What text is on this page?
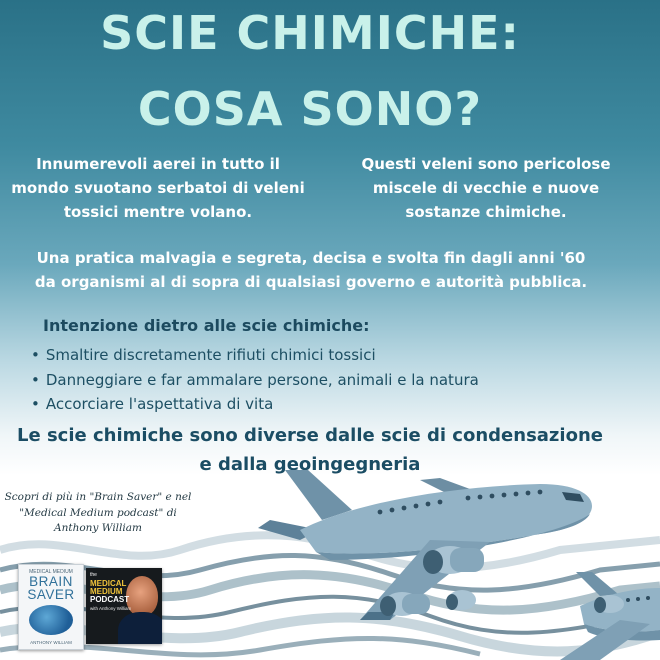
SCIE CHIMICHE:
COSA SONO?
Innumerevoli aerei in tutto il mondo svuotano serbatoi di veleni tossici mentre volano.
Questi veleni sono pericolose miscele di vecchie e nuove sostanze chimiche.
Una pratica malvagia e segreta, decisa e svolta fin dagli anni '60
da organismi al di sopra di qualsiasi governo e autorità pubblica.
Intenzione dietro alle scie chimiche:
• Smaltire discretamente rifiuti chimici tossici
• Danneggiare e far ammalare persone, animali e la natura
• Accorciare l'aspettativa di vita
Le scie chimiche sono diverse dalle scie di condensazione
e dalla geoingegneria
Scopri di più in "Brain Saver" e nel
"Medical Medium podcast" di
Anthony William
MEDICAL MEDIUM
BRAIN
SAVER
ANTHONY WILLIAM
the
MEDICAL
MEDIUM
PODCAST
with Anthony William
